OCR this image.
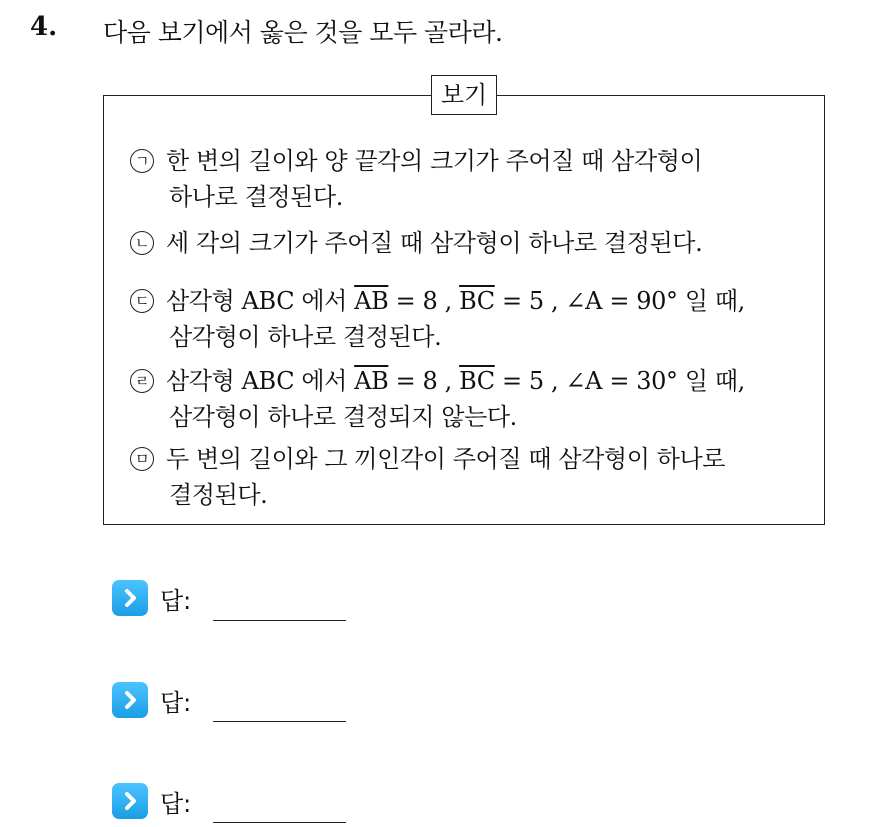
4. 다음 보기에서 옳은 것을 모두 골라라.
보기
ㄱ 한 변의 길이와 양 끝각의 크기가 주어질 때 삼각형이
하나로 결정된다.
ㄴ 세 각의 크기가 주어질 때 삼각형이 하나로 결정된다.
ㄷ 삼각형 ABC 에서 $\overline{AB} = 8$ , $\overline{BC} = 5$ , ∠A = 90° 일 때,
삼각형이 하나로 결정된다.
ㄹ 삼각형 ABC 에서 $\overline{AB} = 8$ , $\overline{BC} = 5$ , ∠A = 30° 일 때,
삼각형이 하나로 결정되지 않는다.
ㅁ 두 변의 길이와 그 끼인각이 주어질 때 삼각형이 하나로
결정된다.
답:
답:
답:
